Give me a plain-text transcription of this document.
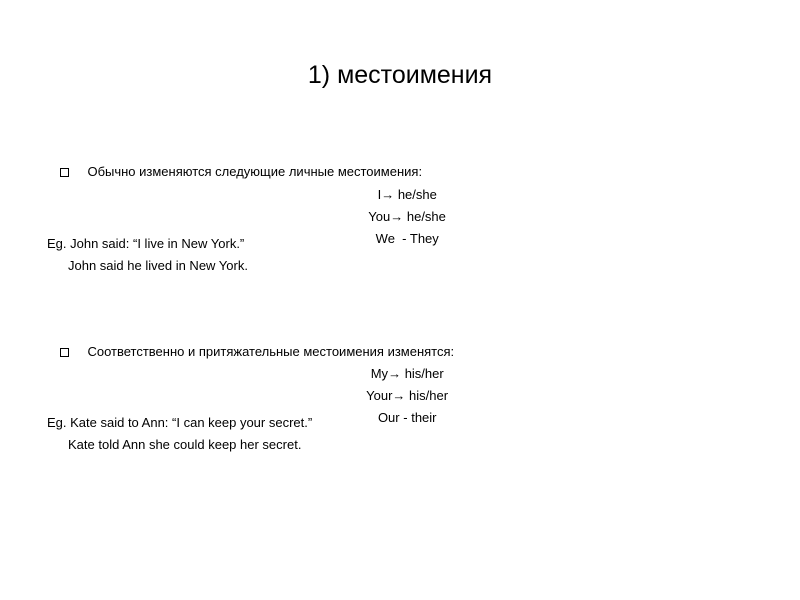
1) местоимения

Обычно изменяются следующие личные местоимения:

I→ he/she

You→ he/she

We - They

Eg. John said: “I live in New York.”
John said he lived in New York.

Соответственно и притяжательные местоимения изменятся:

My→ his/her

Your→ his/her

Our - their

Eg. Kate said to Ann: “I can keep your secret.”
Kate told Ann she could keep her secret.
